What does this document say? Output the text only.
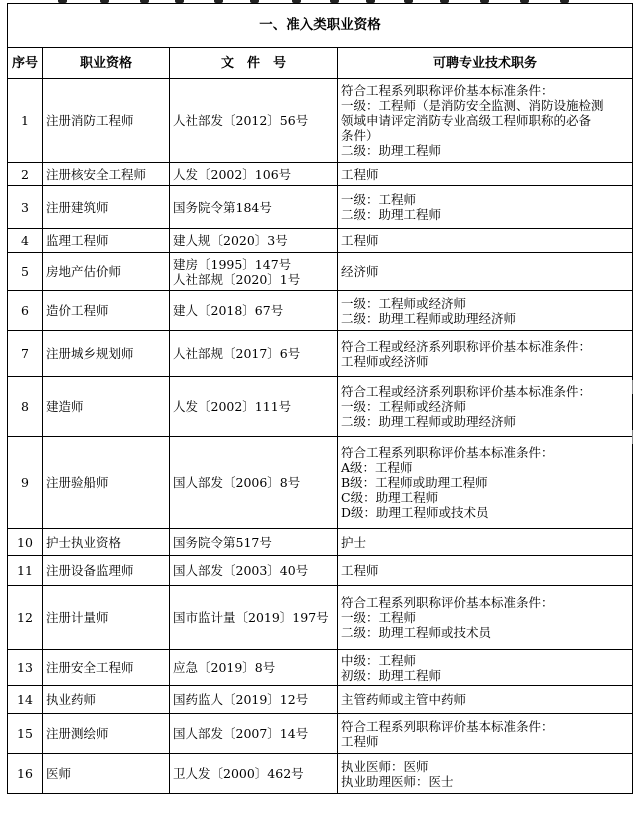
一、准入类职业资格			
序号	职业资格	文　件　号	可聘专业技术职务
1	注册消防工程师	人社部发〔2012〕56号	符合工程系列职称评价基本标准条件：
一级：工程师（是消防安全监测、消防设施检测
领域申请评定消防专业高级工程师职称的必备
条件）
二级：助理工程师

2	注册核安全工程师	人发〔2002〕106号	工程师

3	注册建筑师	国务院令第184号	一级：工程师
二级：助理工程师

4	监理工程师	建人规〔2020〕3号	工程师

5	房地产估价师	建房〔1995〕147号
人社部规〔2020〕1号	经济师

6	造价工程师	建人〔2018〕67号	一级：工程师或经济师
二级：助理工程师或助理经济师

7	注册城乡规划师	人社部规〔2017〕6号	符合工程或经济系列职称评价基本标准条件：
工程师或经济师

8	建造师	人发〔2002〕111号	符合工程或经济系列职称评价基本标准条件：
一级：工程师或经济师
二级：助理工程师或助理经济师

9	注册验船师	国人部发〔2006〕8号	符合工程系列职称评价基本标准条件：
A级：工程师
B级：工程师或助理工程师
C级：助理工程师
D级：助理工程师或技术员

10	护士执业资格	国务院令第517号	护士

11	注册设备监理师	国人部发〔2003〕40号	工程师

12	注册计量师	国市监计量〔2019〕197号	符合工程系列职称评价基本标准条件：
一级：工程师
二级：助理工程师或技术员

13	注册安全工程师	应急〔2019〕8号	中级：工程师
初级：助理工程师

14	执业药师	国药监人〔2019〕12号	主管药师或主管中药师

15	注册测绘师	国人部发〔2007〕14号	符合工程系列职称评价基本标准条件：
工程师

16	医师	卫人发〔2000〕462号	执业医师：医师
执业助理医师：医士
